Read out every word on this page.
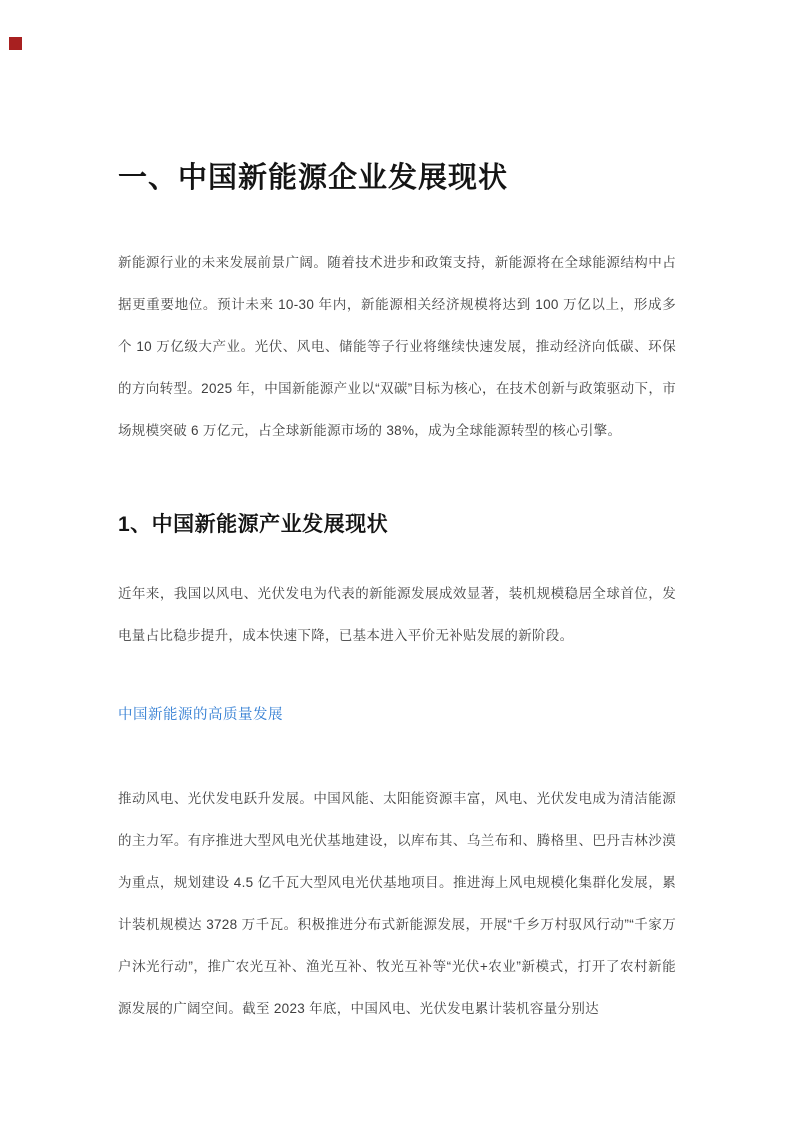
一、中国新能源企业发展现状

新能源行业的未来发展前景广阔。随着技术进步和政策支持，新能源将在全球能源结构中占据更重要地位。预计未来 10-30 年内，新能源相关经济规模将达到 100 万亿以上，形成多个 10 万亿级大产业。光伏、风电、储能等子行业将继续快速发展，推动经济向低碳、环保的方向转型。2025 年，中国新能源产业以“双碳”目标为核心，在技术创新与政策驱动下，市场规模突破 6 万亿元，占全球新能源市场的 38%，成为全球能源转型的核心引擎。

1、中国新能源产业发展现状

近年来，我国以风电、光伏发电为代表的新能源发展成效显著，装机规模稳居全球首位，发电量占比稳步提升，成本快速下降，已基本进入平价无补贴发展的新阶段。

中国新能源的高质量发展

推动风电、光伏发电跃升发展。中国风能、太阳能资源丰富，风电、光伏发电成为清洁能源的主力军。有序推进大型风电光伏基地建设，以库布其、乌兰布和、腾格里、巴丹吉林沙漠为重点，规划建设 4.5 亿千瓦大型风电光伏基地项目。推进海上风电规模化集群化发展，累计装机规模达 3728 万千瓦。积极推进分布式新能源发展，开展“千乡万村驭风行动”“千家万户沐光行动”，推广农光互补、渔光互补、牧光互补等“光伏+农业”新模式，打开了农村新能源发展的广阔空间。截至 2023 年底，中国风电、光伏发电累计装机容量分别达
